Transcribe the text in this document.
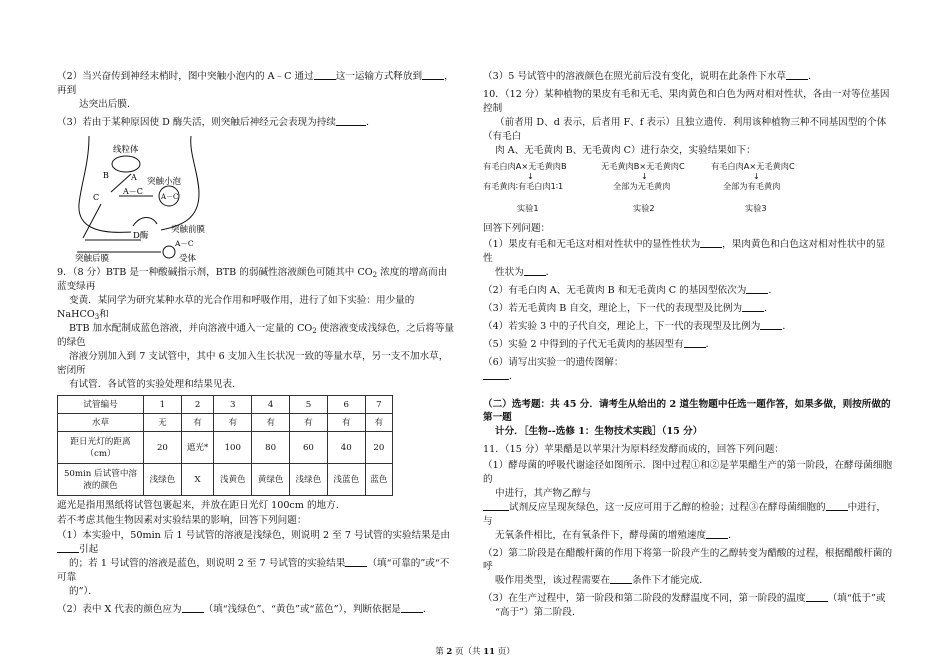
（2）当兴奋传到神经末梢时，图中突触小泡内的 A﹣C 通过 这一运输方式释放到 ，再到
达突出后膜．
（3）若由于某种原因使 D 酶失活，则突触后神经元会表现为持续	．
线粒体
突触小泡
突触前膜
突触后膜	受体
D酶
A
B
C
A－C
A－C
A－C
9．（8 分）BTB 是一种酸碱指示剂，BTB 的弱碱性溶液颜色可随其中 $CO_2$ 浓度的增高而由蓝变绿再
变黄．某同学为研究某种水草的光合作用和呼吸作用，进行了如下实验：用少量的 NaHCO$_3$和
BTB 加水配制成蓝色溶液，并向溶液中通入一定量的 $CO_2$ 使溶液变成浅绿色，之后将等量的绿色
溶液分别加入到 7 支试管中，其中 6 支加入生长状况一致的等量水草，另一支不加水草，密闭所
有试管．各试管的实验处理和结果见表．
试管编号	1	2	3	4	5	6	7
水草	无	有	有	有	有	有	有
距日光灯的距离（cm）	20	遮光*	100	80	60	40	20
50min 后试管中溶液的颜色	浅绿色	X	浅黄色	黄绿色	浅绿色	浅蓝色	蓝色
遮光是指用黑纸将试管包裹起来，并放在距日光灯 100cm 的地方．
若不考虑其他生物因素对实验结果的影响，回答下列问题：
（1）本实验中，50min 后 1 号试管的溶液是浅绿色，则说明 2 至 7 号试管的实验结果是由引起
的；若 1 号试管的溶液是蓝色，则说明 2 至 7 号试管的实验结果 （填“可靠的”或“不可靠
的”）．
（2）表中 X 代表的颜色应为 （填“浅绿色”、“黄色”或“蓝色”），判断依据是 ．
（3）5 号试管中的溶液颜色在照光前后没有变化，说明在此条件下水草 ．
10．（12 分）某种植物的果皮有毛和无毛、果肉黄色和白色为两对相对性状，各由一对等位基因控制
（前者用 D、d 表示，后者用 F、f 表示）且独立遗传．利用该种植物三种不同基因型的个体（有毛白
肉 A、无毛黄肉 B、无毛黄肉 C）进行杂交，实验结果如下：
有毛白肉A×无毛黄肉B	无毛黄肉B×无毛黄肉C	有毛白肉A×无毛黄肉C
↓	↓	↓
有毛黄肉∶有毛白肉1∶1	全部为无毛黄肉	全部为有毛黄肉
实验1	实验2	实验3
回答下列问题：
（1）果皮有毛和无毛这对相对性状中的显性性状为 ，果肉黄色和白色这对相对性状中的显性
性状为 ．
（2）有毛白肉 A、无毛黄肉 B 和无毛黄肉 C 的基因型依次为 ．
（3）若无毛黄肉 B 自交，理论上，下一代的表现型及比例为 ．
（4）若实验 3 中的子代自交，理论上，下一代的表现型及比例为 ．
（5）实验 2 中得到的子代无毛黄肉的基因型有 ．
（6）请写出实验一的遗传图解：
．
（二）选考题：共 45 分．请考生从给出的 2 道生物题中任选一题作答，如果多做，则按所做的第一题
计分．［生物--选修 1：生物技术实践］（15 分）
11．（15 分）苹果醋是以苹果汁为原料经发酵而成的，回答下列问题：
（1）酵母菌的呼吸代谢途径如图所示．图中过程①和②是苹果醋生产的第一阶段，在酵母菌细胞的
中进行，其产物乙醇与
试剂反应呈现灰绿色，这一反应可用于乙醇的检验；过程③在酵母菌细胞的 中进行，与
无氧条件相比，在有氧条件下，酵母菌的增殖速度 ．
（2）第二阶段是在醋酸杆菌的作用下将第一阶段产生的乙醇转变为醋酸的过程，根据醋酸杆菌的呼
吸作用类型，该过程需要在 条件下才能完成．
（3）在生产过程中，第一阶段和第二阶段的发酵温度不同，第一阶段的温度 （填“低于”或
“高于”）第二阶段．
第 2 页（共 11 页）
